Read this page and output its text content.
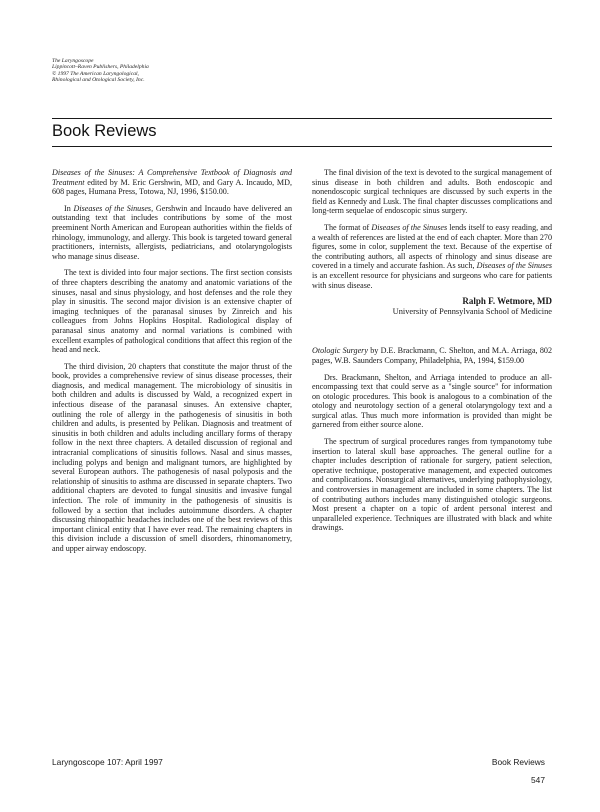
The Laryngoscope
Lippincott–Raven Publishers, Philadelphia
© 1997 The American Laryngological,
Rhinological and Otological Society, Inc.
Book Reviews

Diseases of the Sinuses: A Comprehensive Textbook of Diagnosis and Treatment edited by M. Eric Gershwin, MD, and Gary A. Incaudo, MD, 608 pages, Humana Press, Totowa, NJ, 1996, $150.00.

In Diseases of the Sinuses, Gershwin and Incaudo have delivered an outstanding text that includes contributions by some of the most preeminent North American and European authorities within the fields of rhinology, immunology, and allergy. This book is targeted toward general practitioners, internists, allergists, pediatricians, and otolaryngologists who manage sinus disease.

The text is divided into four major sections. The first section consists of three chapters describing the anatomy and anatomic variations of the sinuses, nasal and sinus physiology, and host defenses and the role they play in sinusitis. The second major division is an extensive chapter of imaging techniques of the paranasal sinuses by Zinreich and his colleagues from Johns Hopkins Hospital. Radiological display of paranasal sinus anatomy and normal variations is combined with excellent examples of pathological conditions that affect this region of the head and neck.

The third division, 20 chapters that constitute the major thrust of the book, provides a comprehensive review of sinus disease processes, their diagnosis, and medical management. The microbiology of sinusitis in both children and adults is discussed by Wald, a recognized expert in infectious disease of the paranasal sinuses. An extensive chapter, outlining the role of allergy in the pathogenesis of sinusitis in both children and adults, is presented by Pelikan. Diagnosis and treatment of sinusitis in both children and adults including ancillary forms of therapy follow in the next three chapters. A detailed discussion of regional and intracranial complications of sinusitis follows. Nasal and sinus masses, including polyps and benign and malignant tumors, are highlighted by several European authors. The pathogenesis of nasal polyposis and the relationship of sinusitis to asthma are discussed in separate chapters. Two additional chapters are devoted to fungal sinusitis and invasive fungal infection. The role of immunity in the pathogenesis of sinusitis is followed by a section that includes autoimmune disorders. A chapter discussing rhinopathic headaches includes one of the best reviews of this important clinical entity that I have ever read. The remaining chapters in this division include a discussion of smell disorders, rhinomanometry, and upper airway endoscopy.

The final division of the text is devoted to the surgical management of sinus disease in both children and adults. Both endoscopic and nonendoscopic surgical techniques are discussed by such experts in the field as Kennedy and Lusk. The final chapter discusses complications and long-term sequelae of endoscopic sinus surgery.

The format of Diseases of the Sinuses lends itself to easy reading, and a wealth of references are listed at the end of each chapter. More than 270 figures, some in color, supplement the text. Because of the expertise of the contributing authors, all aspects of rhinology and sinus disease are covered in a timely and accurate fashion. As such, Diseases of the Sinuses is an excellent resource for physicians and surgeons who care for patients with sinus disease.

Ralph F. Wetmore, MD
University of Pennsylvania School of Medicine

Otologic Surgery by D.E. Brackmann, C. Shelton, and M.A. Arriaga, 802 pages, W.B. Saunders Company, Philadelphia, PA, 1994, $159.00

Drs. Brackmann, Shelton, and Arriaga intended to produce an all-encompassing text that could serve as a "single source" for information on otologic procedures. This book is analogous to a combination of the otology and neurotology section of a general otolaryngology text and a surgical atlas. Thus much more information is provided than might be garnered from either source alone.

The spectrum of surgical procedures ranges from tympanotomy tube insertion to lateral skull base approaches. The general outline for a chapter includes description of rationale for surgery, patient selection, operative technique, postoperative management, and expected outcomes and complications. Nonsurgical alternatives, underlying pathophysiology, and controversies in management are included in some chapters. The list of contributing authors includes many distinguished otologic surgeons. Most present a chapter on a topic of ardent personal interest and unparalleled experience. Techniques are illustrated with black and white drawings.

Laryngoscope 107: April 1997	Book Reviews
547
